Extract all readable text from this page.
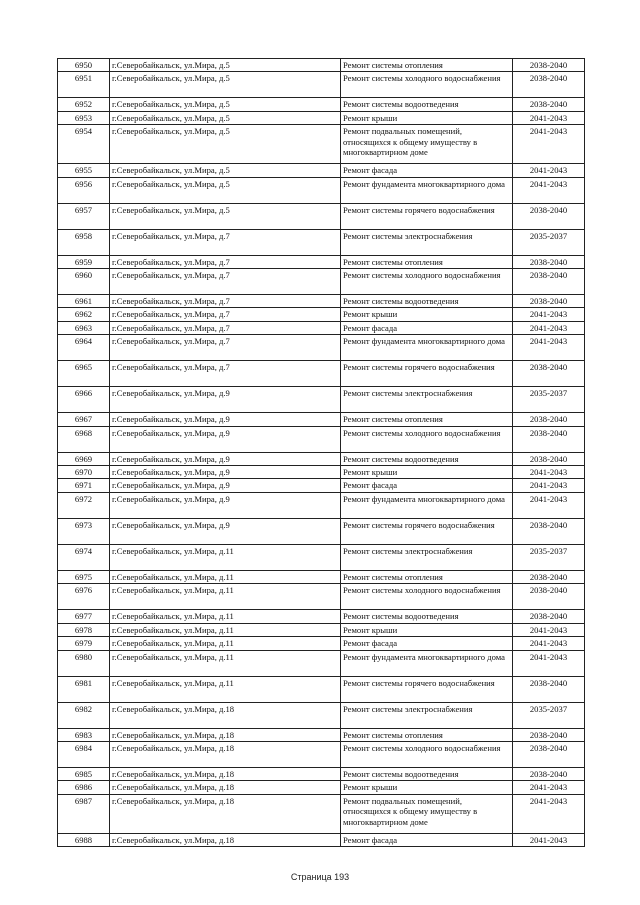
6950	г.Северобайкальск, ул.Мира, д.5	Ремонт системы отопления	2038-2040
6951	г.Северобайкальск, ул.Мира, д.5	Ремонт системы холодного водоснабжения	2038-2040
6952	г.Северобайкальск, ул.Мира, д.5	Ремонт системы водоотведения	2038-2040
6953	г.Северобайкальск, ул.Мира, д.5	Ремонт крыши	2041-2043
6954	г.Северобайкальск, ул.Мира, д.5	Ремонт подвальных помещений, относящихся к общему имуществу в многоквартирном доме	2041-2043
6955	г.Северобайкальск, ул.Мира, д.5	Ремонт фасада	2041-2043
6956	г.Северобайкальск, ул.Мира, д.5	Ремонт фундамента многоквартирного дома	2041-2043
6957	г.Северобайкальск, ул.Мира, д.5	Ремонт системы горячего водоснабжения	2038-2040
6958	г.Северобайкальск, ул.Мира, д.7	Ремонт системы электроснабжения	2035-2037
6959	г.Северобайкальск, ул.Мира, д.7	Ремонт системы отопления	2038-2040
6960	г.Северобайкальск, ул.Мира, д.7	Ремонт системы холодного водоснабжения	2038-2040
6961	г.Северобайкальск, ул.Мира, д.7	Ремонт системы водоотведения	2038-2040
6962	г.Северобайкальск, ул.Мира, д.7	Ремонт крыши	2041-2043
6963	г.Северобайкальск, ул.Мира, д.7	Ремонт фасада	2041-2043
6964	г.Северобайкальск, ул.Мира, д.7	Ремонт фундамента многоквартирного дома	2041-2043
6965	г.Северобайкальск, ул.Мира, д.7	Ремонт системы горячего водоснабжения	2038-2040
6966	г.Северобайкальск, ул.Мира, д.9	Ремонт системы электроснабжения	2035-2037
6967	г.Северобайкальск, ул.Мира, д.9	Ремонт системы отопления	2038-2040
6968	г.Северобайкальск, ул.Мира, д.9	Ремонт системы холодного водоснабжения	2038-2040
6969	г.Северобайкальск, ул.Мира, д.9	Ремонт системы водоотведения	2038-2040
6970	г.Северобайкальск, ул.Мира, д.9	Ремонт крыши	2041-2043
6971	г.Северобайкальск, ул.Мира, д.9	Ремонт фасада	2041-2043
6972	г.Северобайкальск, ул.Мира, д.9	Ремонт фундамента многоквартирного дома	2041-2043
6973	г.Северобайкальск, ул.Мира, д.9	Ремонт системы горячего водоснабжения	2038-2040
6974	г.Северобайкальск, ул.Мира, д.11	Ремонт системы электроснабжения	2035-2037
6975	г.Северобайкальск, ул.Мира, д.11	Ремонт системы отопления	2038-2040
6976	г.Северобайкальск, ул.Мира, д.11	Ремонт системы холодного водоснабжения	2038-2040
6977	г.Северобайкальск, ул.Мира, д.11	Ремонт системы водоотведения	2038-2040
6978	г.Северобайкальск, ул.Мира, д.11	Ремонт крыши	2041-2043
6979	г.Северобайкальск, ул.Мира, д.11	Ремонт фасада	2041-2043
6980	г.Северобайкальск, ул.Мира, д.11	Ремонт фундамента многоквартирного дома	2041-2043
6981	г.Северобайкальск, ул.Мира, д.11	Ремонт системы горячего водоснабжения	2038-2040
6982	г.Северобайкальск, ул.Мира, д.18	Ремонт системы электроснабжения	2035-2037
6983	г.Северобайкальск, ул.Мира, д.18	Ремонт системы отопления	2038-2040
6984	г.Северобайкальск, ул.Мира, д.18	Ремонт системы холодного водоснабжения	2038-2040
6985	г.Северобайкальск, ул.Мира, д.18	Ремонт системы водоотведения	2038-2040
6986	г.Северобайкальск, ул.Мира, д.18	Ремонт крыши	2041-2043
6987	г.Северобайкальск, ул.Мира, д.18	Ремонт подвальных помещений, относящихся к общему имуществу в многоквартирном доме	2041-2043
6988	г.Северобайкальск, ул.Мира, д.18	Ремонт фасада	2041-2043
Страница 193
